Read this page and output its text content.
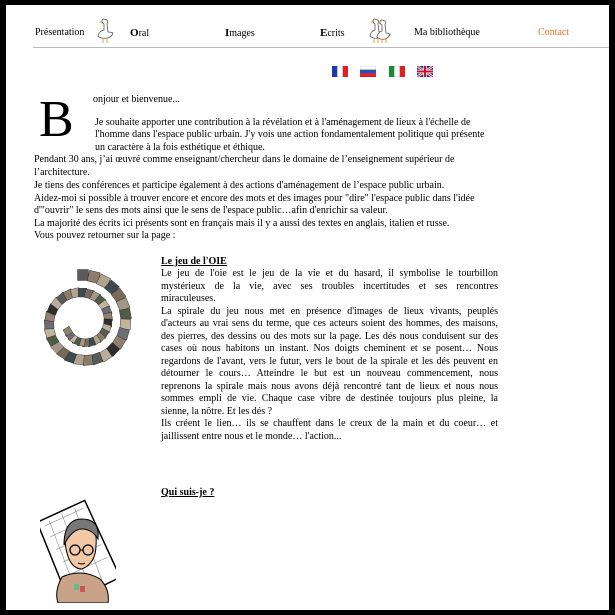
Présentation	Oral	Images	Ecrits	Ma bibliothèque	Contact
B onjour et bienvenue...
Je souhaite apporter une contribution à la révélation et à l'aménagement de lieux à l'échelle de
l'homme dans l'espace public urbain. J'y vois une action fondamentalement politique qui présente
un caractère à la fois esthétique et éthique.
Pendant 30 ans, j’ai œuvré comme enseignant/chercheur dans le domaine de l’enseignement supérieur de
l’architecture.
Je tiens des conférences et participe également à des actions d'aménagement de l’espace public urbain.
Aidez-moi si possible à trouver encore et encore des mots et des images pour "dire" l'espace public dans l'idée
d'"ouvrir" le sens des mots ainsi que le sens de l'espace public…afin d'enrichir sa valeur.
La majorité des écrits ici présents sont en français mais il y a aussi des textes en anglais, italien et russe.
Vous pouvez retourner sur la page :
Le jeu de l'OIE
Le jeu de l'oie est le jeu de la vie et du hasard, il symbolise le tourbillon
mystérieux de la vie, avec ses troubles incertitudes et ses rencontres
miraculeuses.
La spirale du jeu nous met en présence d'images de lieux vivants, peuplés
d'acteurs au vrai sens du terme, que ces acteurs soient des hommes, des maisons,
des pierres, des dessins ou des mots sur la page. Les dés nous conduisent sur des
cases où nous habitons un instant. Nos doigts cheminent et se posent… Nous
regardons de l'avant, vers le futur, vers le bout de la spirale et les dés peuvent en
détourner le cours… Atteindre le but est un nouveau commencement, nous
reprenons la spirale mais nous avons déjà rencontré tant de lieux et nous nous
sommes empli de vie. Chaque case vibre de destinée toujours plus pleine, la
sienne, la nôtre. Et les dés ?
Ils créent le lien… ils se chauffent dans le creux de la main et du coeur… et
jaillissent entre nous et le monde… l'action...
Qui suis-je ?
